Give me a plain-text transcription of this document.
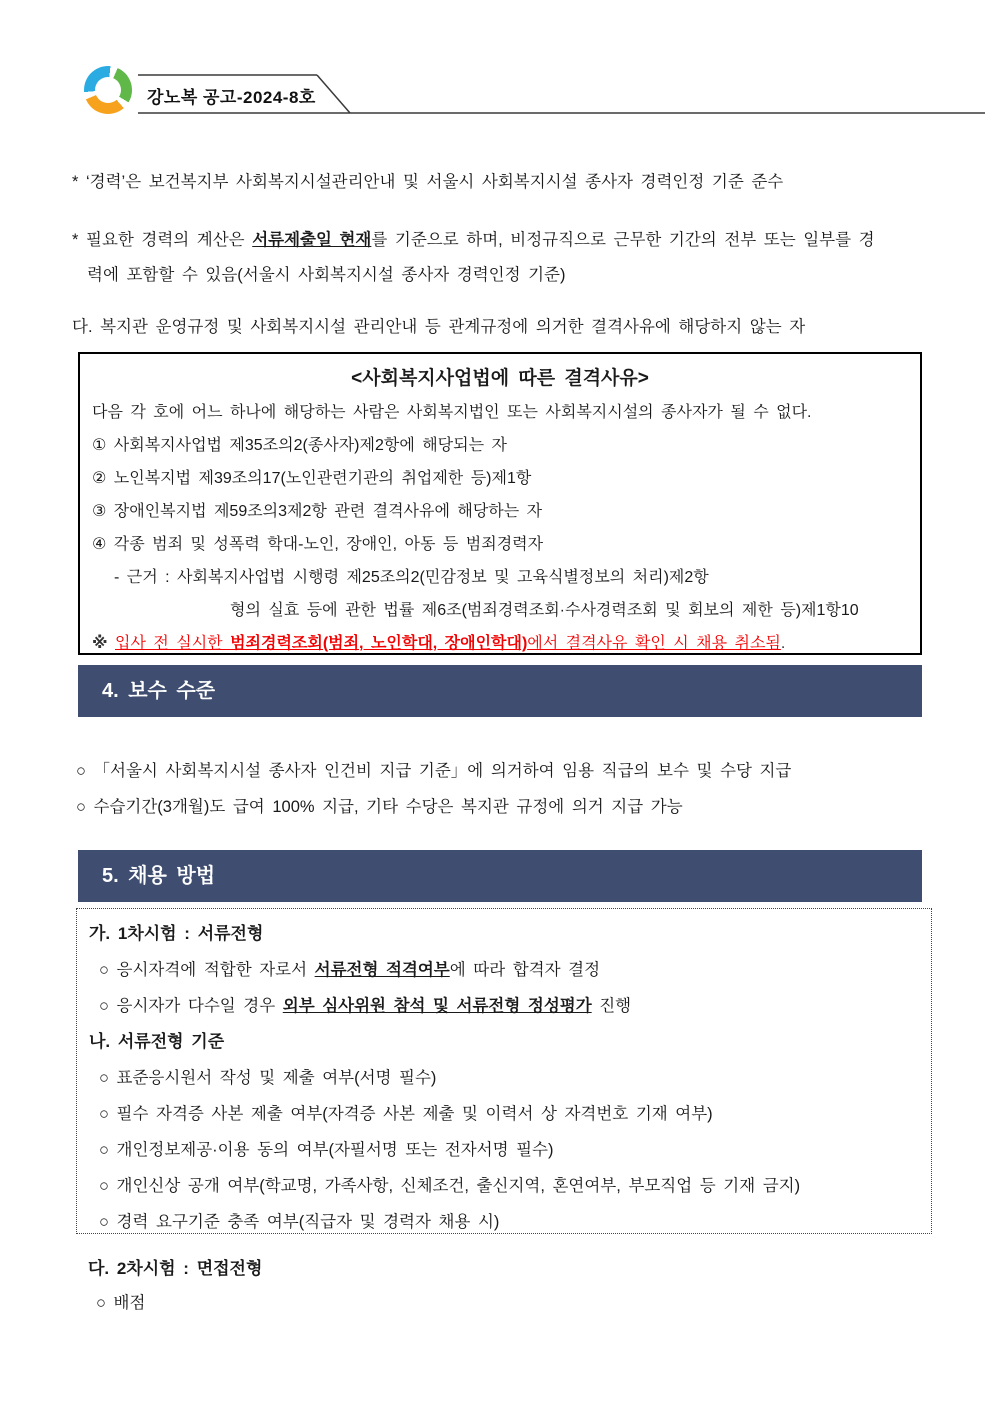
강노복 공고-2024-8호
* ‘경력’은 보건복지부 사회복지시설관리안내 및 서울시 사회복지시설 종사자 경력인정 기준 준수
* 필요한 경력의 계산은 서류제출일 현재를 기준으로 하며, 비정규직으로 근무한 기간의 전부 또는 일부를 경
력에 포함할 수 있음(서울시 사회복지시설 종사자 경력인정 기준)
다. 복지관 운영규정 및 사회복지시설 관리안내 등 관계규정에 의거한 결격사유에 해당하지 않는 자
<사회복지사업법에 따른 결격사유>
다음 각 호에 어느 하나에 해당하는 사람은 사회복지법인 또는 사회복지시설의 종사자가 될 수 없다.
① 사회복지사업법 제35조의2(종사자)제2항에 해당되는 자
② 노인복지법 제39조의17(노인관련기관의 취업제한 등)제1항
③ 장애인복지법 제59조의3제2항 관련 결격사유에 해당하는 자
④ 각종 범죄 및 성폭력 학대-노인, 장애인, 아동 등 범죄경력자
- 근거 : 사회복지사업법 시행령 제25조의2(민감정보 및 고육식별정보의 처리)제2항
형의 실효 등에 관한 법률 제6조(범죄경력조회·수사경력조회 및 회보의 제한 등)제1항10
※ 입사 전 실시한 범죄경력조회(범죄, 노인학대, 장애인학대)에서 결격사유 확인 시 채용 취소됨.
4. 보수 수준
○ 「서울시 사회복지시설 종사자 인건비 지급 기준」에 의거하여 임용 직급의 보수 및 수당 지급
○ 수습기간(3개월)도 급여 100% 지급, 기타 수당은 복지관 규정에 의거 지급 가능
5. 채용 방법
가. 1차시험 : 서류전형
○ 응시자격에 적합한 자로서 서류전형 적격여부에 따라 합격자 결정
○ 응시자가 다수일 경우 외부 심사위원 참석 및 서류전형 정성평가 진행
나. 서류전형 기준
○ 표준응시원서 작성 및 제출 여부(서명 필수)
○ 필수 자격증 사본 제출 여부(자격증 사본 제출 및 이력서 상 자격번호 기재 여부)
○ 개인정보제공·이용 동의 여부(자필서명 또는 전자서명 필수)
○ 개인신상 공개 여부(학교명, 가족사항, 신체조건, 출신지역, 혼연여부, 부모직업 등 기재 금지)
○ 경력 요구기준 충족 여부(직급자 및 경력자 채용 시)
다. 2차시험 : 면접전형
○ 배점
